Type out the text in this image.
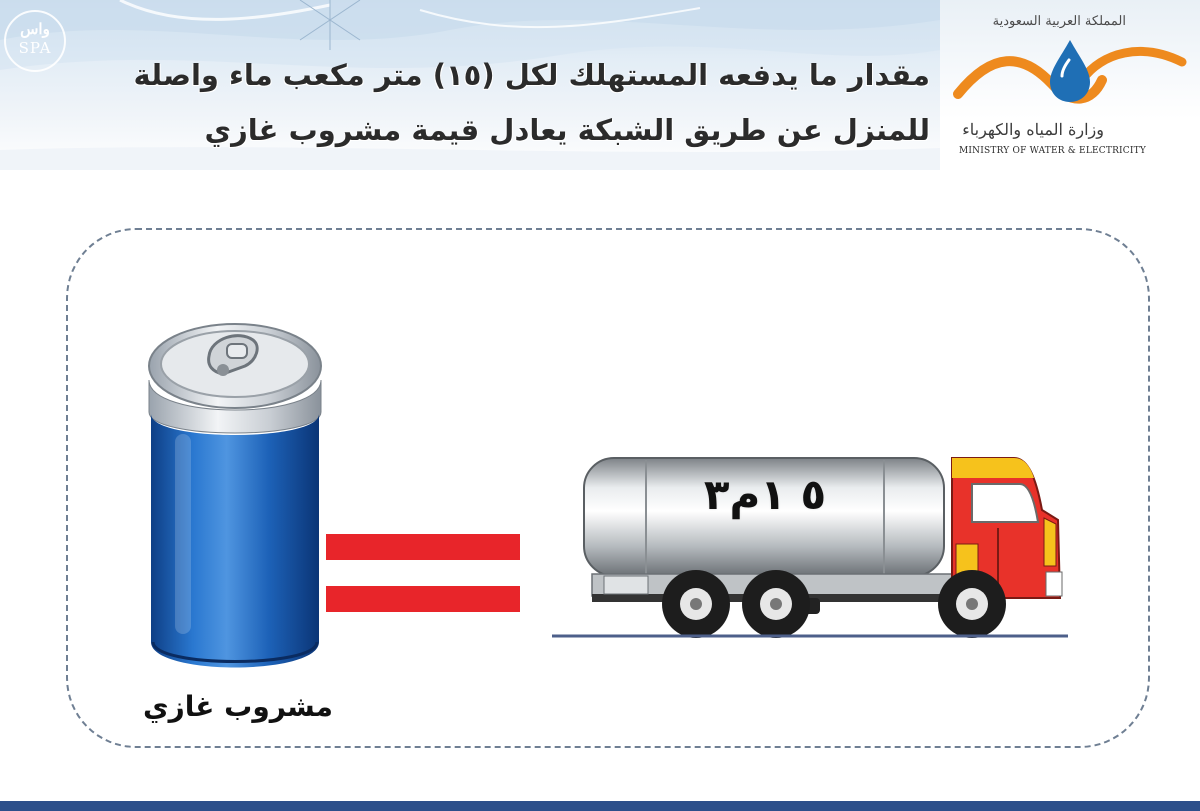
واس
SPA
مقدار ما يدفعه المستهلك لكل (١٥) متر مكعب ماء واصلة
للمنزل عن طريق الشبكة يعادل قيمة مشروب غازي
المملكة العربية السعودية
وزارة المياه والكهرباء
MINISTRY OF WATER & ELECTRICITY
مشروب غازي
٥ ١م٣
